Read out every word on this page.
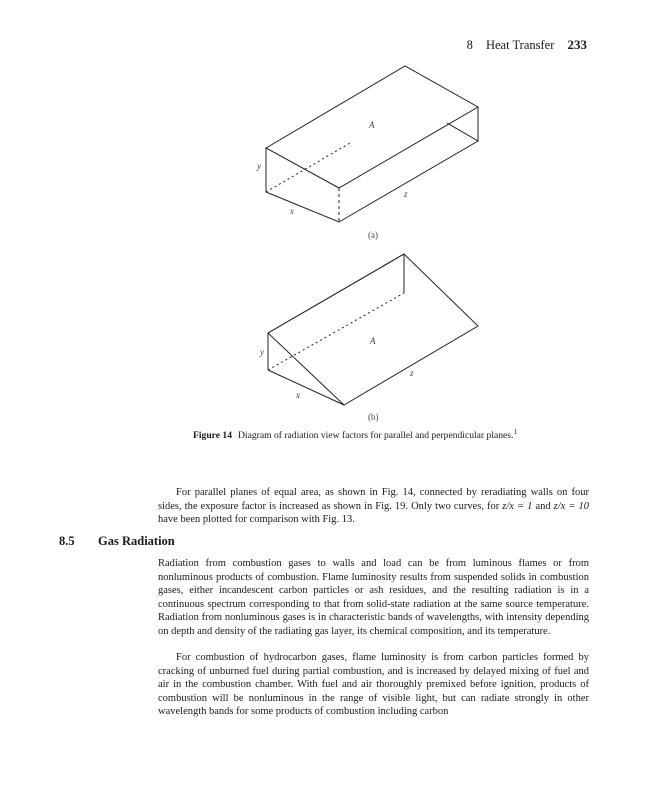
8 Heat Transfer 233
A
y
z
x
(a)
A
y
z
x
(b)
Figure 14 Diagram of radiation view factors for parallel and perpendicular planes.$^1$

For parallel planes of equal area, as shown in Fig. 14, connected by reradiating walls on four sides, the exposure factor is increased as shown in Fig. 19. Only two curves, for z/x = 1 and z/x = 10 have been plotted for comparison with Fig. 13.

8.5 Gas Radiation

Radiation from combustion gases to walls and load can be from luminous flames or from nonluminous products of combustion. Flame luminosity results from suspended solids in combustion gases, either incandescent carbon particles or ash residues, and the resulting radiation is in a continuous spectrum corresponding to that from solid-state radiation at the same source temperature. Radiation from nonluminous gases is in characteristic bands of wavelengths, with intensity depending on depth and density of the radiating gas layer, its chemical composition, and its temperature.

For combustion of hydrocarbon gases, flame luminosity is from carbon particles formed by cracking of unburned fuel during partial combustion, and is increased by delayed mixing of fuel and air in the combustion chamber. With fuel and air thoroughly premixed before ignition, products of combustion will be nonluminous in the range of visible light, but can radiate strongly in other wavelength bands for some products of combustion including carbon
